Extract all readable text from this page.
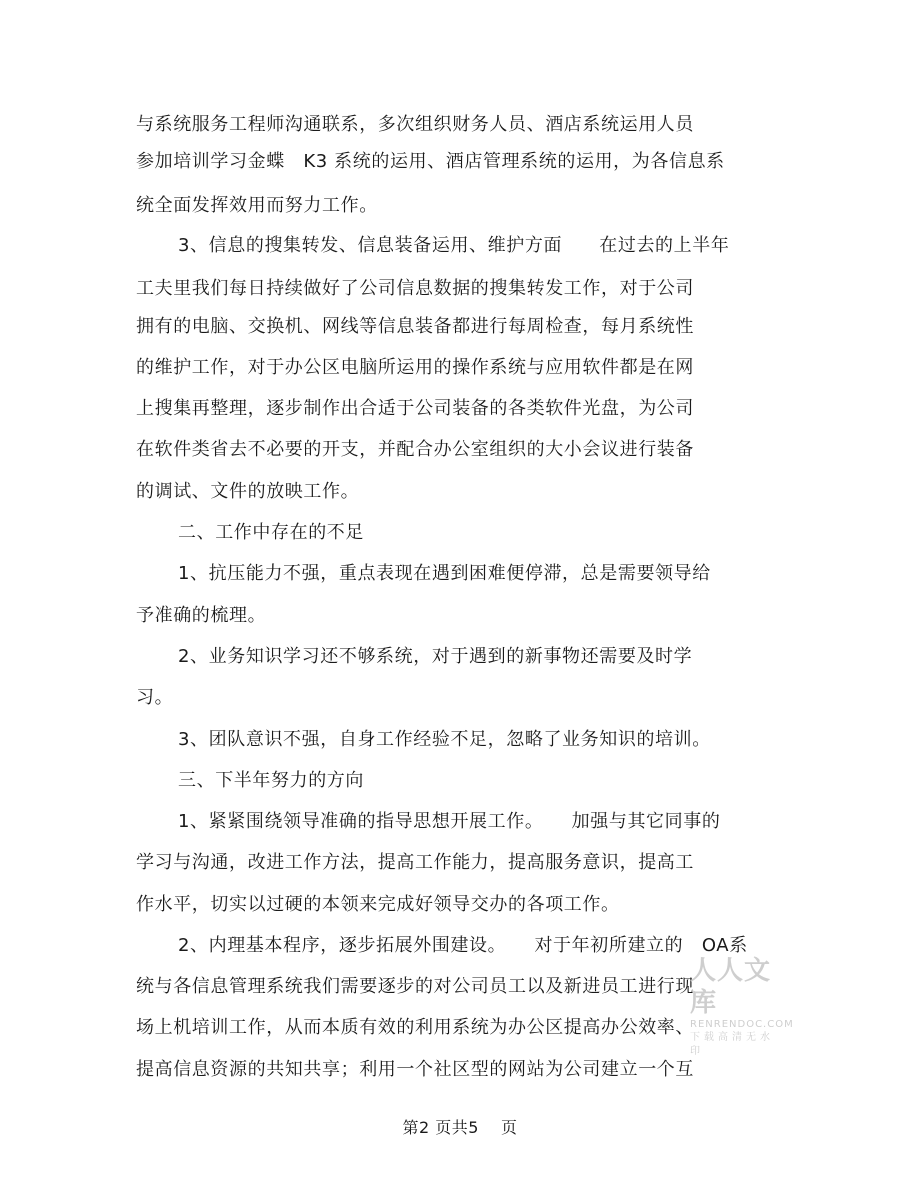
与系统服务工程师沟通联系，多次组织财务人员、酒店系统运用人员
参加培训学习金蝶　K3 系统的运用、酒店管理系统的运用，为各信息系
统全面发挥效用而努力工作。
3、信息的搜集转发、信息装备运用、维护方面　　在过去的上半年
工夫里我们每日持续做好了公司信息数据的搜集转发工作，对于公司
拥有的电脑、交换机、网线等信息装备都进行每周检查，每月系统性
的维护工作，对于办公区电脑所运用的操作系统与应用软件都是在网
上搜集再整理，逐步制作出合适于公司装备的各类软件光盘，为公司
在软件类省去不必要的开支，并配合办公室组织的大小会议进行装备
的调试、文件的放映工作。
二、工作中存在的不足
1、抗压能力不强，重点表现在遇到困难便停滞，总是需要领导给
予准确的梳理。
2、业务知识学习还不够系统，对于遇到的新事物还需要及时学
习。
3、团队意识不强，自身工作经验不足，忽略了业务知识的培训。
三、下半年努力的方向
1、紧紧围绕领导准确的指导思想开展工作。　　加强与其它同事的
学习与沟通，改进工作方法，提高工作能力，提高服务意识，提高工
作水平，切实以过硬的本领来完成好领导交办的各项工作。
2、内理基本程序，逐步拓展外围建设。　　对于年初所建立的　OA系
统与各信息管理系统我们需要逐步的对公司员工以及新进员工进行现
场上机培训工作，从而本质有效的利用系统为办公区提高办公效率、
提高信息资源的共知共享；利用一个社区型的网站为公司建立一个互
人人文库
RENRENDOC.COM
下载高清无水印
第2 页共5　 页
